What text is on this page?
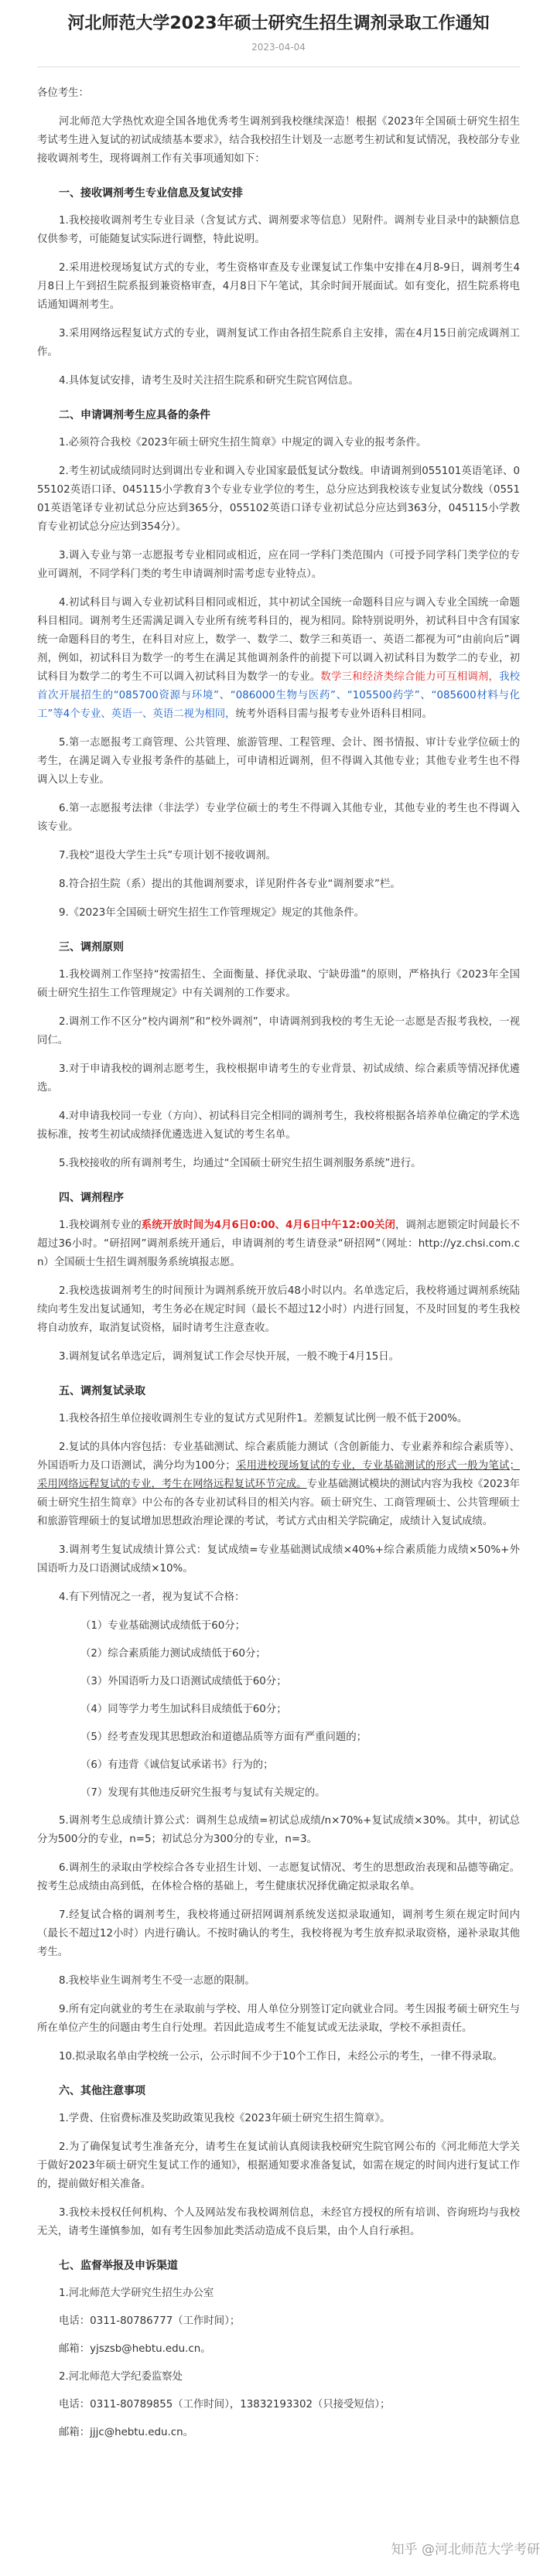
河北师范大学2023年硕士研究生招生调剂录取工作通知
2023-04-04
各位考生：
河北师范大学热忱欢迎全国各地优秀考生调剂到我校继续深造！根据《2023年全国硕士研究生招生考试考生进入复试的初试成绩基本要求》，结合我校招生计划及一志愿考生初试和复试情况，我校部分专业接收调剂考生，现将调剂工作有关事项通知如下：
一、接收调剂考生专业信息及复试安排
1.我校接收调剂考生专业目录（含复试方式、调剂要求等信息）见附件。调剂专业目录中的缺额信息仅供参考，可能随复试实际进行调整，特此说明。
2.采用进校现场复试方式的专业，考生资格审查及专业课复试工作集中安排在4月8-9日，调剂考生4月8日上午到招生院系报到兼资格审查，4月8日下午笔试，其余时间开展面试。如有变化，招生院系将电话通知调剂考生。
3.采用网络远程复试方式的专业，调剂复试工作由各招生院系自主安排，需在4月15日前完成调剂工作。
4.具体复试安排，请考生及时关注招生院系和研究生院官网信息。
二、申请调剂考生应具备的条件
1.必须符合我校《2023年硕士研究生招生简章》中规定的调入专业的报考条件。
2.考生初试成绩同时达到调出专业和调入专业国家最低复试分数线。申请调剂到055101英语笔译、055102英语口译、045115小学教育3个专业专业学位的考生，总分应达到我校该专业复试分数线（055101英语笔译专业初试总分应达到365分，055102英语口译专业初试总分应达到363分，045115小学教育专业初试总分应达到354分）。
3.调入专业与第一志愿报考专业相同或相近，应在同一学科门类范围内（可授予同学科门类学位的专业可调剂，不同学科门类的考生申请调剂时需考虑专业特点）。
4.初试科目与调入专业初试科目相同或相近，其中初试全国统一命题科目应与调入专业全国统一命题科目相同。调剂考生还需满足调入专业所有统考科目的，视为相同。除特别说明外，初试科目中含有国家统一命题科目的考生，在科目对应上，数学一、数学二、数学三和英语一、英语二都视为可“由前向后”调剂，例如，初试科目为数学一的考生在满足其他调剂条件的前提下可以调入初试科目为数学二的专业，初试科目为数学二的考生不可以调入初试科目为数学一的专业。数学三和经济类综合能力可互相调剂，我校首次开展招生的“085700资源与环境”、“086000生物与医药”、“105500药学”、“085600材料与化工”等4个专业、英语一、英语二视为相同，统考外语科目需与报考专业外语科目相同。
5.第一志愿报考工商管理、公共管理、旅游管理、工程管理、会计、图书情报、审计专业学位硕士的考生，在满足调入专业报考条件的基础上，可申请相近调剂，但不得调入其他专业；其他专业考生也不得调入以上专业。
6.第一志愿报考法律（非法学）专业学位硕士的考生不得调入其他专业，其他专业的考生也不得调入该专业。
7.我校“退役大学生士兵”专项计划不接收调剂。
8.符合招生院（系）提出的其他调剂要求，详见附件各专业“调剂要求”栏。
9.《2023年全国硕士研究生招生工作管理规定》规定的其他条件。
三、调剂原则
1.我校调剂工作坚持“按需招生、全面衡量、择优录取、宁缺毋滥”的原则，严格执行《2023年全国硕士研究生招生工作管理规定》中有关调剂的工作要求。
2.调剂工作不区分“校内调剂”和“校外调剂”，申请调剂到我校的考生无论一志愿是否报考我校，一视同仁。
3.对于申请我校的调剂志愿考生，我校根据申请考生的专业背景、初试成绩、综合素质等情况择优遴选。
4.对申请我校同一专业（方向）、初试科目完全相同的调剂考生，我校将根据各培养单位确定的学术选拔标准，按考生初试成绩择优遴选进入复试的考生名单。
5.我校接收的所有调剂考生，均通过“全国硕士研究生招生调剂服务系统”进行。
四、调剂程序
1.我校调剂专业的系统开放时间为4月6日0:00、4月6日中午12:00关闭，调剂志愿锁定时间最长不超过36小时。“研招网”调剂系统开通后，申请调剂的考生请登录“研招网”（网址：http://yz.chsi.com.cn）全国硕士生招生调剂服务系统填报志愿。
2.我校选拔调剂考生的时间预计为调剂系统开放后48小时以内。名单选定后，我校将通过调剂系统陆续向考生发出复试通知，考生务必在规定时间（最长不超过12小时）内进行回复，不及时回复的考生我校将自动放弃，取消复试资格，届时请考生注意查收。
3.调剂复试名单选定后，调剂复试工作会尽快开展，一般不晚于4月15日。
五、调剂复试录取
1.我校各招生单位接收调剂生专业的复试方式见附件1。差额复试比例一般不低于200%。
2.复试的具体内容包括：专业基础测试、综合素质能力测试（含创新能力、专业素养和综合素质等）、外国语听力及口语测试，满分均为100分；采用进校现场复试的专业，专业基础测试的形式一般为笔试；采用网络远程复试的专业，考生在网络远程复试环节完成。专业基础测试模块的测试内容为我校《2023年硕士研究生招生简章》中公布的各专业初试科目的相关内容。硕士研究生、工商管理硕士、公共管理硕士和旅游管理硕士的复试增加思想政治理论课的考试，考试方式由相关学院确定，成绩计入复试成绩。
3.调剂考生复试成绩计算公式：复试成绩=专业基础测试成绩×40%+综合素质能力成绩×50%+外国语听力及口语测试成绩×10%。
4.有下列情况之一者，视为复试不合格：
（1）专业基础测试成绩低于60分；
（2）综合素质能力测试成绩低于60分；
（3）外国语听力及口语测试成绩低于60分；
（4）同等学力考生加试科目成绩低于60分；
（5）经考查发现其思想政治和道德品质等方面有严重问题的；
（6）有违背《诚信复试承诺书》行为的；
（7）发现有其他违反研究生报考与复试有关规定的。
5.调剂考生总成绩计算公式：调剂生总成绩=初试总成绩/n×70%+复试成绩×30%。其中，初试总分为500分的专业，n=5；初试总分为300分的专业，n=3。
6.调剂生的录取由学校综合各专业招生计划、一志愿复试情况、考生的思想政治表现和品德等确定。按考生总成绩由高到低，在体检合格的基础上，考生健康状况择优确定拟录取名单。
7.经复试合格的调剂考生，我校将通过研招网调剂系统发送拟录取通知，调剂考生须在规定时间内（最长不超过12小时）内进行确认。不按时确认的考生，我校将视为考生放弃拟录取资格，递补录取其他考生。
8.我校毕业生调剂考生不受一志愿的限制。
9.所有定向就业的考生在录取前与学校、用人单位分别签订定向就业合同。考生因报考硕士研究生与所在单位产生的问题由考生自行处理。若因此造成考生不能复试或无法录取，学校不承担责任。
10.拟录取名单由学校统一公示，公示时间不少于10个工作日，未经公示的考生，一律不得录取。
六、其他注意事项
1.学费、住宿费标准及奖助政策见我校《2023年硕士研究生招生简章》。
2.为了确保复试考生准备充分，请考生在复试前认真阅读我校研究生院官网公布的《河北师范大学关于做好2023年硕士研究生复试工作的通知》，根据通知要求准备复试，如需在规定的时间内进行复试工作的，提前做好相关准备。
3.我校未授权任何机构、个人及网站发布我校调剂信息，未经官方授权的所有培训、咨询班均与我校无关，请考生谨慎参加，如有考生因参加此类活动造成不良后果，由个人自行承担。
七、监督举报及申诉渠道
1.河北师范大学研究生招生办公室
电话：0311-80786777（工作时间）；
邮箱：yjszsb@hebtu.edu.cn。
2.河北师范大学纪委监察处
电话：0311-80789855（工作时间），13832193302（只接受短信）；
邮箱：jjjc@hebtu.edu.cn。
知乎 @河北师范大学考研
